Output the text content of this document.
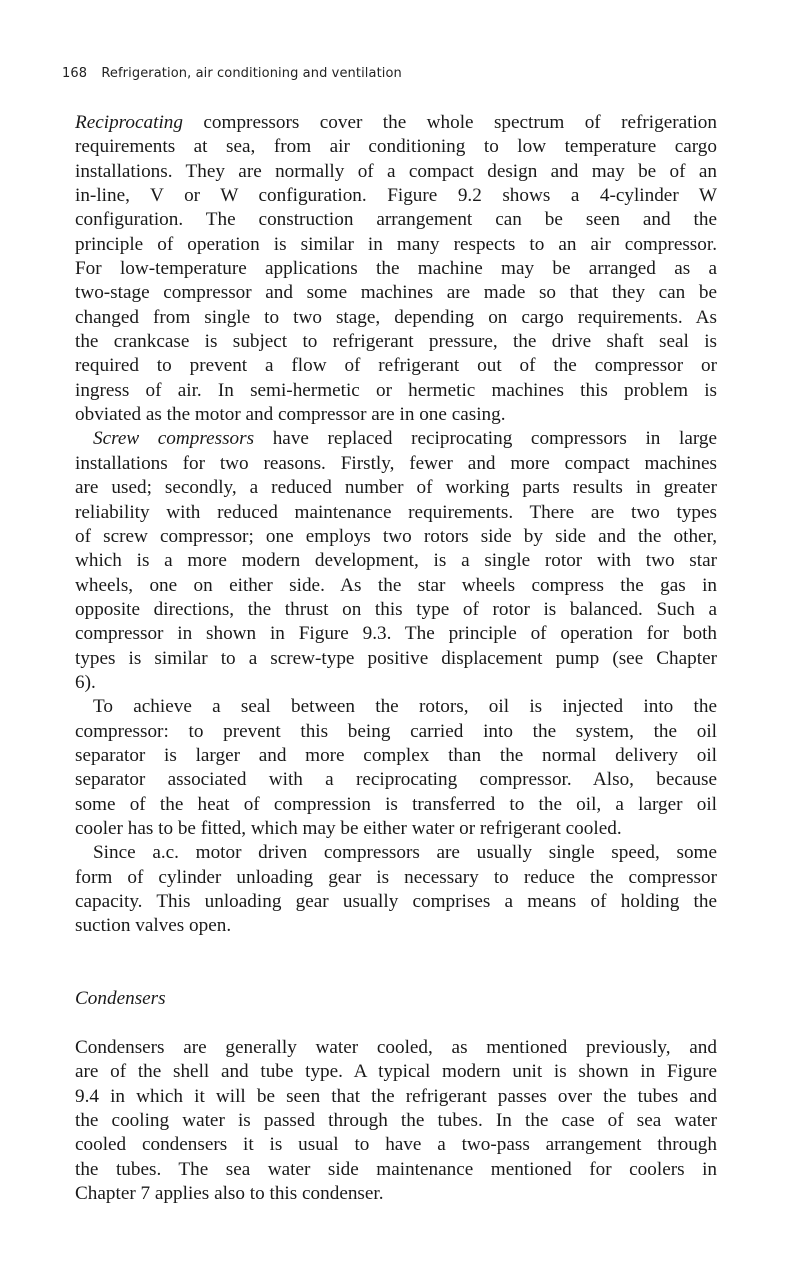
168 Refrigeration, air conditioning and ventilation
Reciprocating compressors cover the whole spectrum of refrigeration
requirements at sea, from air conditioning to low temperature cargo
installations. They are normally of a compact design and may be of an
in-line, V or W configuration. Figure 9.2 shows a 4-cylinder W
configuration. The construction arrangement can be seen and the
principle of operation is similar in many respects to an air compressor.
For low-temperature applications the machine may be arranged as a
two-stage compressor and some machines are made so that they can be
changed from single to two stage, depending on cargo requirements. As
the crankcase is subject to refrigerant pressure, the drive shaft seal is
required to prevent a flow of refrigerant out of the compressor or
ingress of air. In semi-hermetic or hermetic machines this problem is
obviated as the motor and compressor are in one casing.
Screw compressors have replaced reciprocating compressors in large
installations for two reasons. Firstly, fewer and more compact machines
are used; secondly, a reduced number of working parts results in greater
reliability with reduced maintenance requirements. There are two types
of screw compressor; one employs two rotors side by side and the other,
which is a more modern development, is a single rotor with two star
wheels, one on either side. As the star wheels compress the gas in
opposite directions, the thrust on this type of rotor is balanced. Such a
compressor in shown in Figure 9.3. The principle of operation for both
types is similar to a screw-type positive displacement pump (see Chapter
6).
To achieve a seal between the rotors, oil is injected into the
compressor: to prevent this being carried into the system, the oil
separator is larger and more complex than the normal delivery oil
separator associated with a reciprocating compressor. Also, because
some of the heat of compression is transferred to the oil, a larger oil
cooler has to be fitted, which may be either water or refrigerant cooled.
Since a.c. motor driven compressors are usually single speed, some
form of cylinder unloading gear is necessary to reduce the compressor
capacity. This unloading gear usually comprises a means of holding the
suction valves open.
Condensers
Condensers are generally water cooled, as mentioned previously, and
are of the shell and tube type. A typical modern unit is shown in Figure
9.4 in which it will be seen that the refrigerant passes over the tubes and
the cooling water is passed through the tubes. In the case of sea water
cooled condensers it is usual to have a two-pass arrangement through
the tubes. The sea water side maintenance mentioned for coolers in
Chapter 7 applies also to this condenser.
